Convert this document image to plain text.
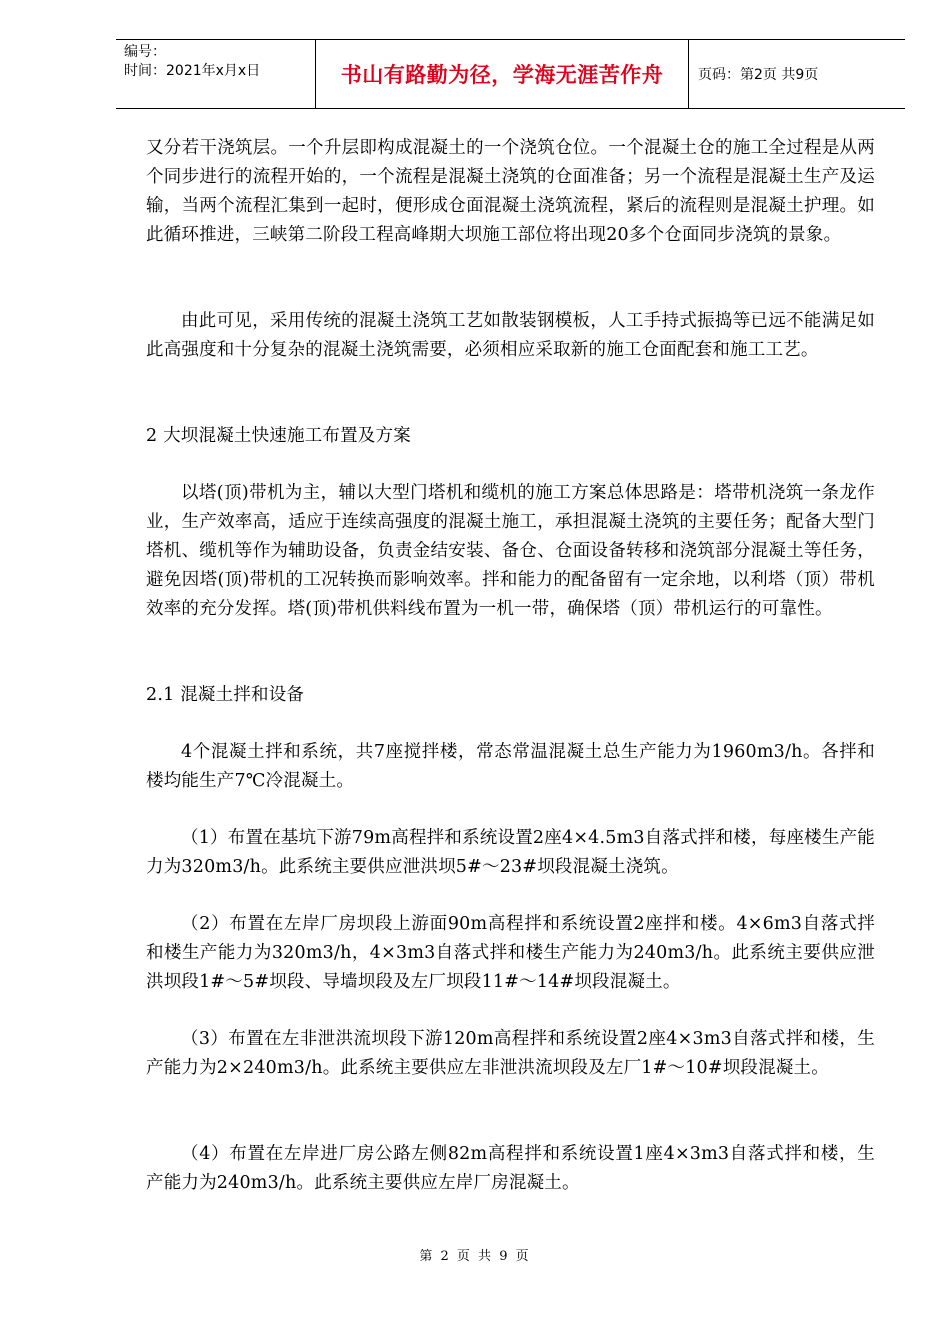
编号：
时间：2021年x月x日	书山有路勤为径，学海无涯苦作舟	页码：第2页 共9页

又分若干浇筑层。一个升层即构成混凝土的一个浇筑仓位。一个混凝土仓的施工全过程是从两个同步进行的流程开始的，一个流程是混凝土浇筑的仓面准备；另一个流程是混凝土生产及运输，当两个流程汇集到一起时，便形成仓面混凝土浇筑流程，紧后的流程则是混凝土护理。如此循环推进，三峡第二阶段工程高峰期大坝施工部位将出现20多个仓面同步浇筑的景象。

由此可见，采用传统的混凝土浇筑工艺如散装钢模板，人工手持式振捣等已远不能满足如此高强度和十分复杂的混凝土浇筑需要，必须相应采取新的施工仓面配套和施工工艺。

2 大坝混凝土快速施工布置及方案

以塔(顶)带机为主，辅以大型门塔机和缆机的施工方案总体思路是：塔带机浇筑一条龙作业，生产效率高，适应于连续高强度的混凝土施工，承担混凝土浇筑的主要任务；配备大型门塔机、缆机等作为辅助设备，负责金结安装、备仓、仓面设备转移和浇筑部分混凝土等任务，避免因塔(顶)带机的工况转换而影响效率。拌和能力的配备留有一定余地，以利塔（顶）带机效率的充分发挥。塔(顶)带机供料线布置为一机一带，确保塔（顶）带机运行的可靠性。

2.1 混凝土拌和设备

4个混凝土拌和系统，共7座搅拌楼，常态常温混凝土总生产能力为1960m3/h。各拌和楼均能生产7℃冷混凝土。

（1）布置在基坑下游79m高程拌和系统设置2座4×4.5m3自落式拌和楼，每座楼生产能力为320m3/h。此系统主要供应泄洪坝5#～23#坝段混凝土浇筑。

（2）布置在左岸厂房坝段上游面90m高程拌和系统设置2座拌和楼。4×6m3自落式拌和楼生产能力为320m3/h，4×3m3自落式拌和楼生产能力为240m3/h。此系统主要供应泄洪坝段1#～5#坝段、导墙坝段及左厂坝段11#～14#坝段混凝土。

（3）布置在左非泄洪流坝段下游120m高程拌和系统设置2座4×3m3自落式拌和楼，生产能力为2×240m3/h。此系统主要供应左非泄洪流坝段及左厂1#～10#坝段混凝土。

（4）布置在左岸进厂房公路左侧82m高程拌和系统设置1座4×3m3自落式拌和楼，生产能力为240m3/h。此系统主要供应左岸厂房混凝土。

第 2 页 共 9 页
